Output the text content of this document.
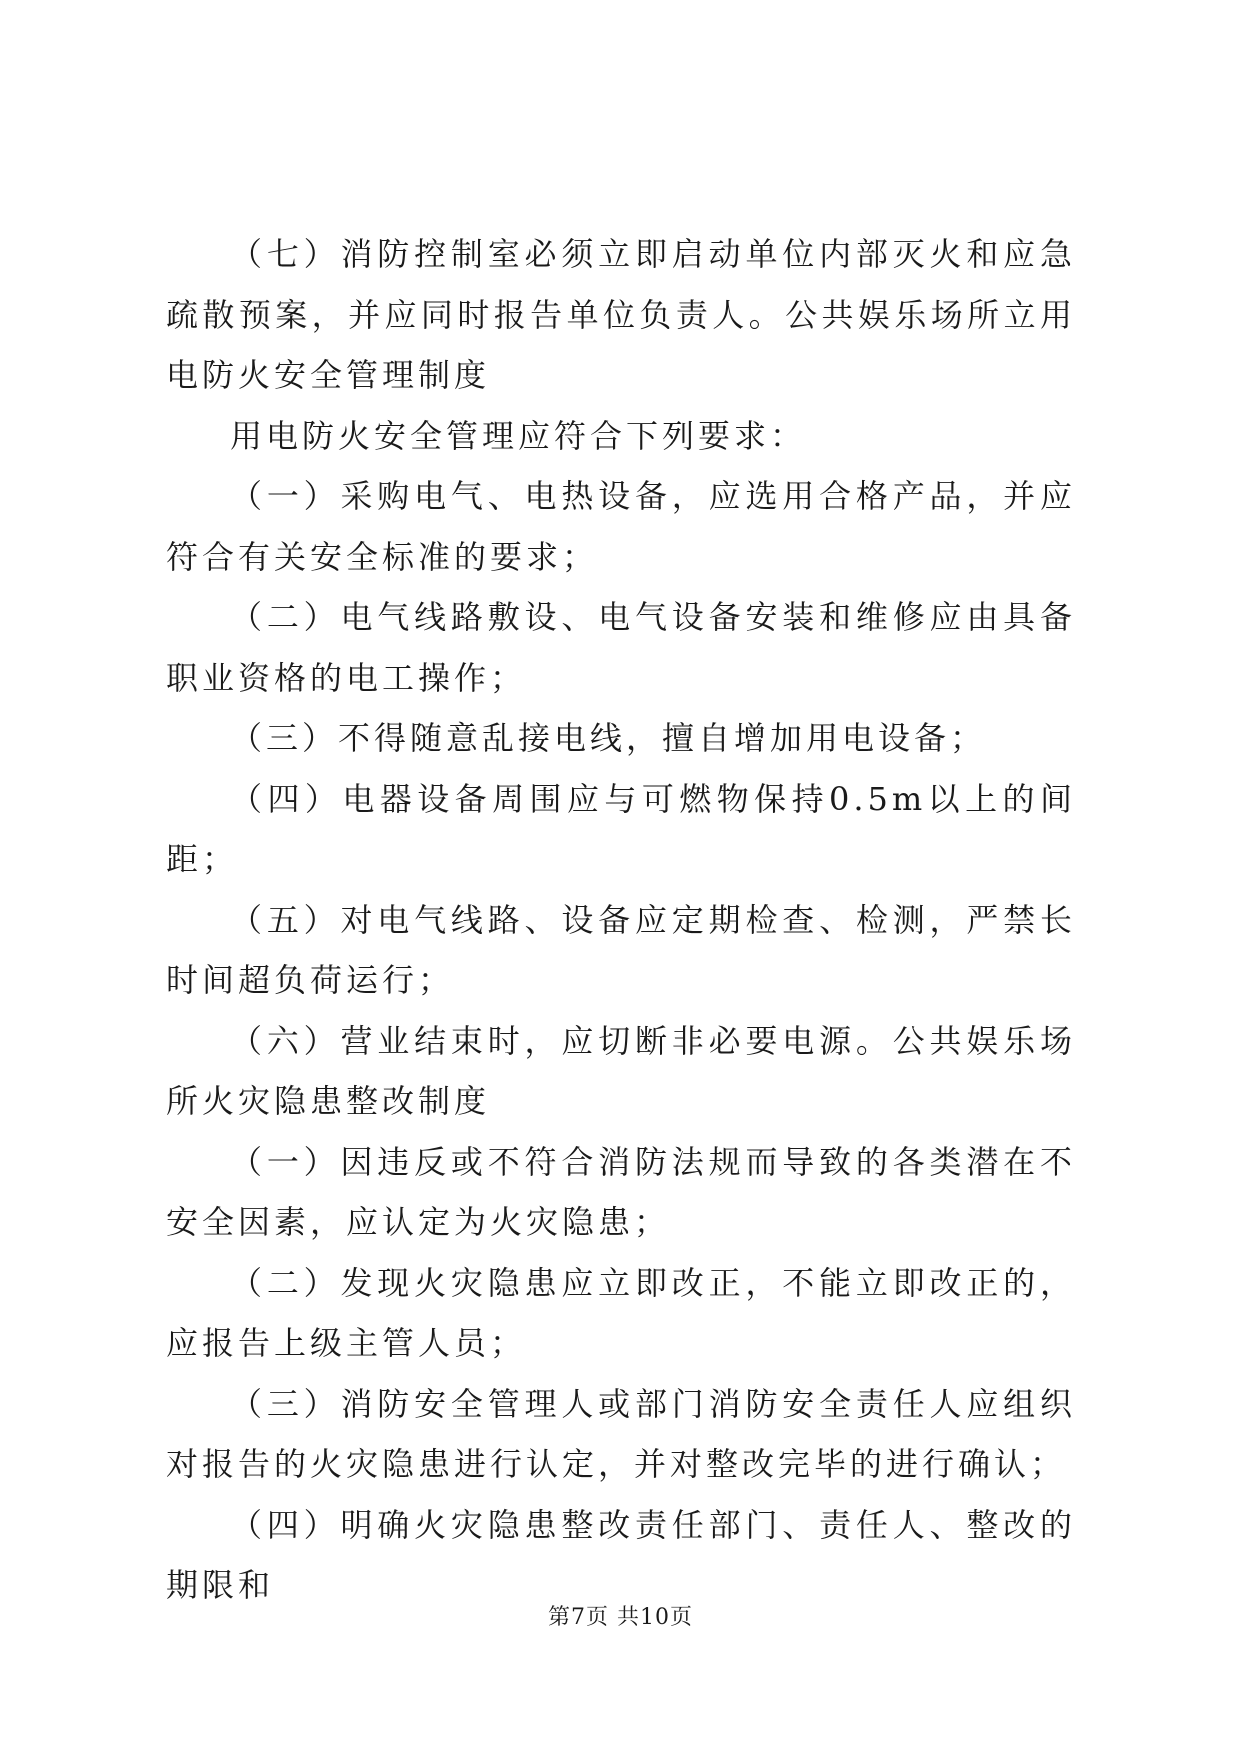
（七）消防控制室必须立即启动单位内部灭火和应急疏散预案，并应同时报告单位负责人。公共娱乐场所立用电防火安全管理制度

用电防火安全管理应符合下列要求：

（一）采购电气、电热设备，应选用合格产品，并应符合有关安全标准的要求；

（二）电气线路敷设、电气设备安装和维修应由具备职业资格的电工操作；

（三）不得随意乱接电线，擅自增加用电设备；

（四）电器设备周围应与可燃物保持0.5m以上的间距；

（五）对电气线路、设备应定期检查、检测，严禁长时间超负荷运行；

（六）营业结束时，应切断非必要电源。公共娱乐场所火灾隐患整改制度

（一）因违反或不符合消防法规而导致的各类潜在不安全因素，应认定为火灾隐患；

（二）发现火灾隐患应立即改正，不能立即改正的，应报告上级主管人员；

（三）消防安全管理人或部门消防安全责任人应组织对报告的火灾隐患进行认定，并对整改完毕的进行确认；

（四）明确火灾隐患整改责任部门、责任人、整改的期限和

第7页 共10页
